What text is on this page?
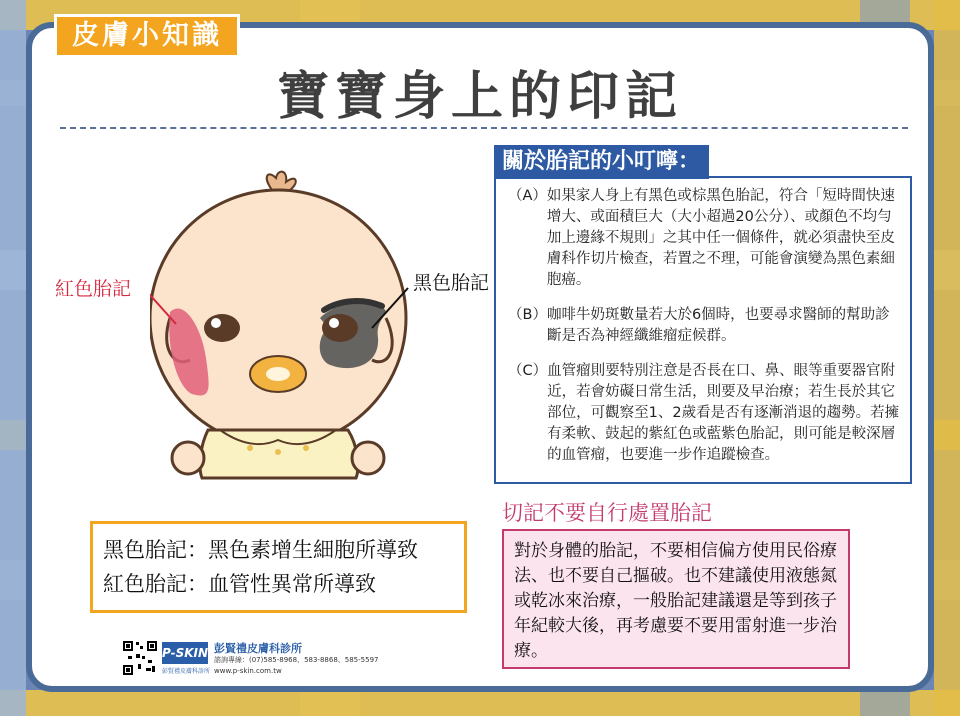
皮膚小知識
寶寶身上的印記
紅色胎記	黑色胎記
關於胎記的小叮嚀：
（A） 如果家人身上有黑色或棕黑色胎記，符合「短時間快速增大、或面積巨大（大小超過20公分）、或顏色不均勻加上邊緣不規則」之其中任一個條件，就必須盡快至皮膚科作切片檢查，若置之不理，可能會演變為黑色素細胞癌。
（B） 咖啡牛奶斑數量若大於6個時，也要尋求醫師的幫助診斷是否為神經纖維瘤症候群。
（C） 血管瘤則要特別注意是否長在口、鼻、眼等重要器官附近，若會妨礙日常生活，則要及早治療；若生長於其它部位，可觀察至1、2歲看是否有逐漸消退的趨勢。若擁有柔軟、鼓起的紫紅色或藍紫色胎記，則可能是較深層的血管瘤，也要進一步作追蹤檢查。
切記不要自行處置胎記
對於身體的胎記，不要相信偏方使用民俗療法、也不要自己摳破。也不建議使用液態氮或乾冰來治療，一般胎記建議還是等到孩子年紀較大後，再考慮要不要用雷射進一步治療。
黑色胎記：黑色素增生細胞所導致
紅色胎記：血管性異常所導致
P-SKIN 彭賢禮皮膚科診所
諮詢專線：(07)585-8968、583-8868、585-5597
彭賢禮皮膚科診所 www.p-skin.com.tw
